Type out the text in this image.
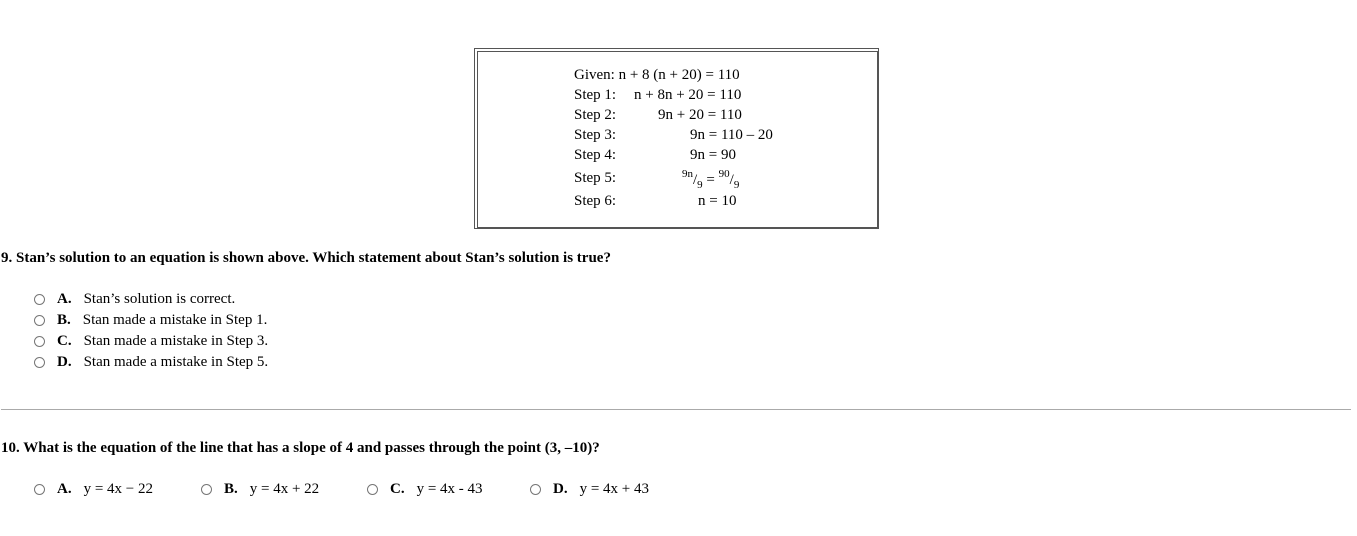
Given: n + 8 (n + 20) = 110
Step 1: n + 8n + 20 = 110
Step 2:	9n + 20 = 110
Step 3:	9n = 110 – 20
Step 4:	9n = 90
Step 5:	$^{9n}/_9 = ^{90}/_9$
Step 6:	n = 10
9. Stan’s solution to an equation is shown above. Which statement about Stan’s solution is true?
A. Stan’s solution is correct.
B. Stan made a mistake in Step 1.
C. Stan made a mistake in Step 3.
D. Stan made a mistake in Step 5.
10. What is the equation of the line that has a slope of 4 and passes through the point (3, –10)?
A. y = 4x − 22	B. y = 4x + 22	C. y = 4x - 43	D. y = 4x + 43
